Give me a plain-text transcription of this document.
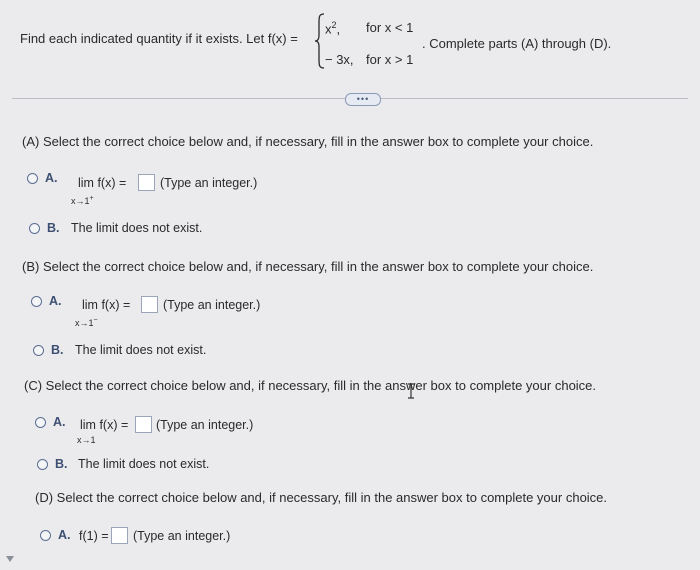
Find each indicated quantity if it exists. Let f(x) =
$x^2$, for x < 1
− 3x, for x > 1
. Complete parts (A) through (D).
•••
(A) Select the correct choice below and, if necessary, fill in the answer box to complete your choice.
A. lim f(x) =
x→1+
(Type an integer.)
B. The limit does not exist.
(B) Select the correct choice below and, if necessary, fill in the answer box to complete your choice.
A. lim f(x) =
x→1−
(Type an integer.)
B. The limit does not exist.
(C) Select the correct choice below and, if necessary, fill in the answer box to complete your choice.
A. lim f(x) =
x→1
(Type an integer.)
B. The limit does not exist.
(D) Select the correct choice below and, if necessary, fill in the answer box to complete your choice.
A. f(1) = (Type an integer.)
